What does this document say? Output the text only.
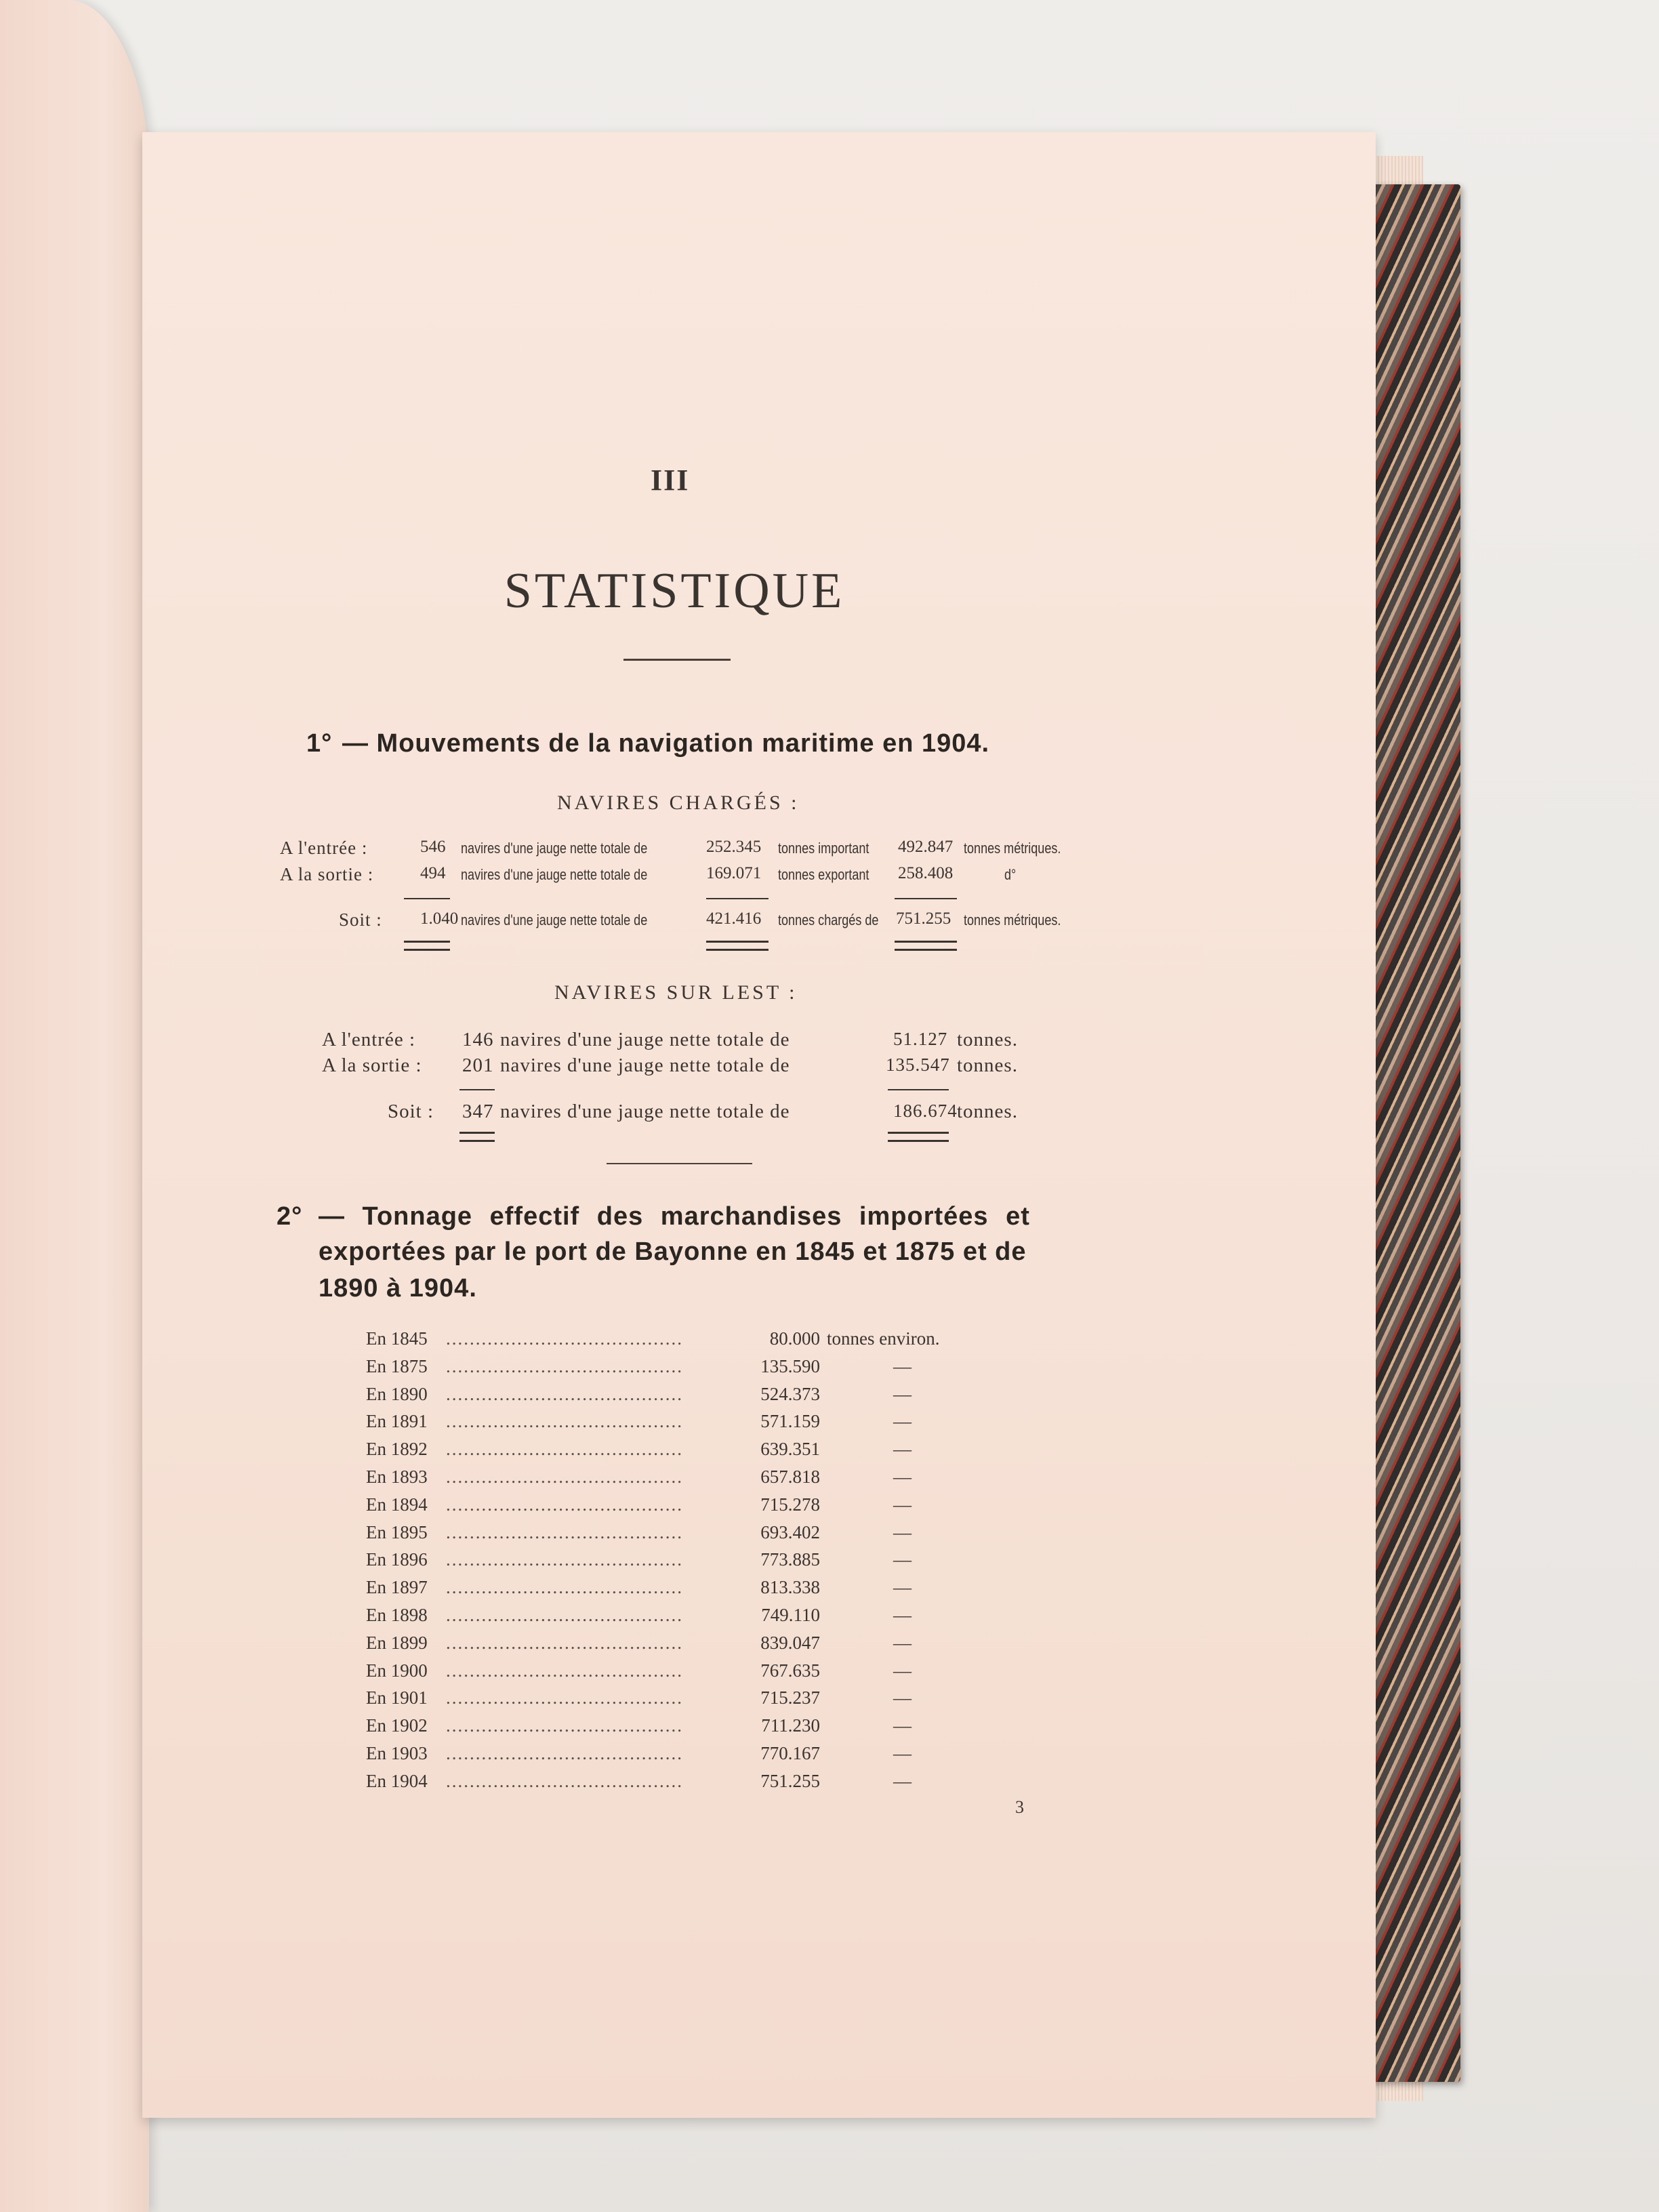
III
STATISTIQUE
1° — Mouvements de la navigation maritime en 1904.
NAVIRES CHARGÉS :
A l'entrée :	546 navires d'une jauge nette totale de	252.345 tonnes important 492.847 tonnes métriques.
A la sortie :	494 navires d'une jauge nette totale de	169.071 tonnes exportant 258.408	d°
Soit : 1.040 navires d'une jauge nette totale de	421.416 tonnes chargés de 751.255 tonnes métriques.
NAVIRES SUR LEST :
A l'entrée : 146 navires d'une jauge nette totale de	51.127 tonnes.
A la sortie : 201 navires d'une jauge nette totale de	135.547 tonnes.
Soit : 347 navires d'une jauge nette totale de	186.674 tonnes.
2° — Tonnage effectif des marchandises importées et
exportées par le port de Bayonne en 1845 et 1875 et de
1890 à 1904.
En 1845 ........................................	80.000 tonnes environ.
En 1875 ........................................	135.590	—
En 1890 ........................................	524.373	—
En 1891 ........................................	571.159	—
En 1892 ........................................	639.351	—
En 1893 ........................................	657.818	—
En 1894 ........................................	715.278	—
En 1895 ........................................	693.402	—
En 1896 ........................................	773.885	—
En 1897 ........................................	813.338	—
En 1898 ........................................	749.110	—
En 1899 ........................................	839.047	—
En 1900 ........................................	767.635	—
En 1901 ........................................	715.237	—
En 1902 ........................................	711.230	—
En 1903 ........................................	770.167	—
En 1904 ........................................	751.255	—
3
